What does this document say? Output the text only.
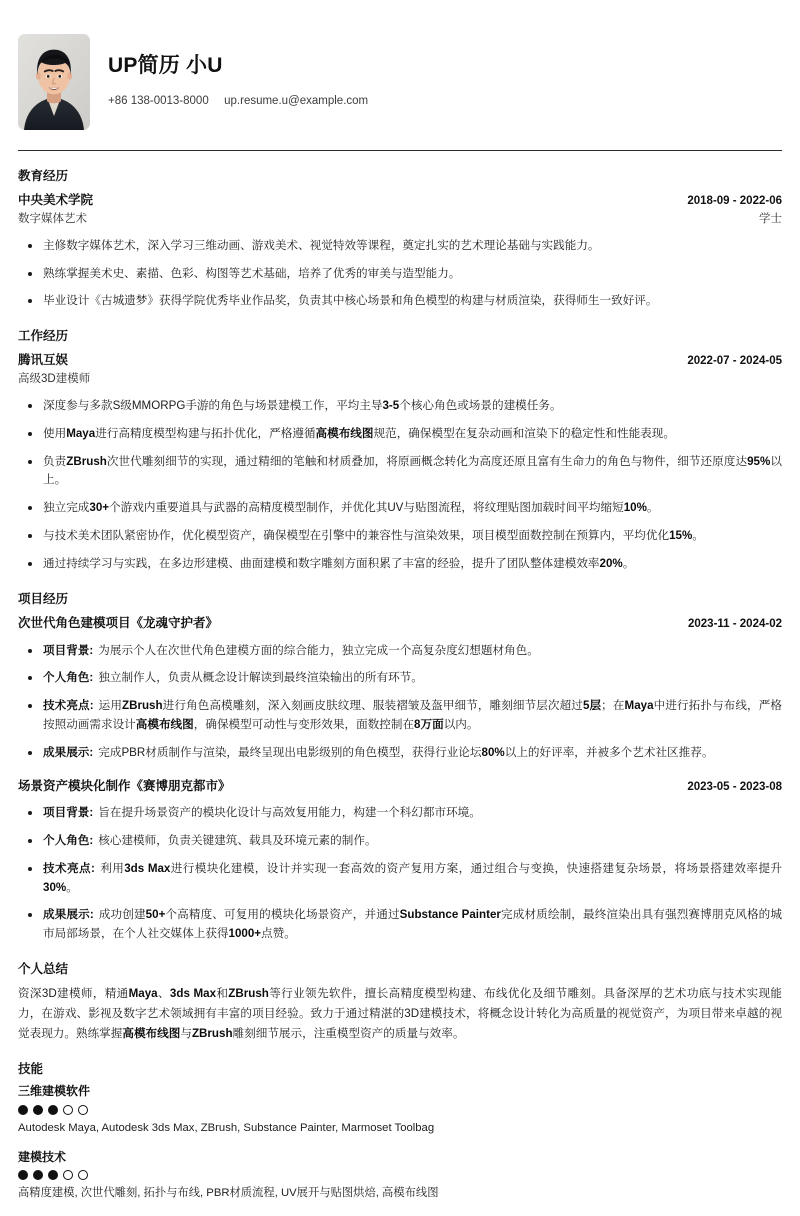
UP简历 小U
+86 138-0013-8000 up.resume.u@example.com
教育经历
中央美术学院	2018-09 - 2022-06
数字媒体艺术	学士
主修数字媒体艺术，深入学习三维动画、游戏美术、视觉特效等课程，奠定扎实的艺术理论基础与实践能力。
熟练掌握美术史、素描、色彩、构图等艺术基础，培养了优秀的审美与造型能力。
毕业设计《古城遗梦》获得学院优秀毕业作品奖，负责其中核心场景和角色模型的构建与材质渲染，获得师生一致好评。
工作经历
腾讯互娱	2022-07 - 2024-05
高级3D建模师
深度参与多款S级MMORPG手游的角色与场景建模工作，平均主导3-5个核心角色或场景的建模任务。
使用Maya进行高精度模型构建与拓扑优化，严格遵循高模布线图规范，确保模型在复杂动画和渲染下的稳定性和性能表现。
负责ZBrush次世代雕刻细节的实现，通过精细的笔触和材质叠加，将原画概念转化为高度还原且富有生命力的角色与物件，细节还原度达95%以上。
独立完成30+个游戏内重要道具与武器的高精度模型制作，并优化其UV与贴图流程，将纹理贴图加载时间平均缩短10%。
与技术美术团队紧密协作，优化模型资产，确保模型在引擎中的兼容性与渲染效果，项目模型面数控制在预算内，平均优化15%。
通过持续学习与实践，在多边形建模、曲面建模和数字雕刻方面积累了丰富的经验，提升了团队整体建模效率20%。
项目经历
次世代角色建模项目《龙魂守护者》	2023-11 - 2024-02
项目背景: 为展示个人在次世代角色建模方面的综合能力，独立完成一个高复杂度幻想题材角色。
个人角色: 独立制作人，负责从概念设计解读到最终渲染输出的所有环节。
技术亮点: 运用ZBrush进行角色高模雕刻，深入刻画皮肤纹理、服装褶皱及盔甲细节，雕刻细节层次超过5层；在Maya中进行拓扑与布线，严格按照动画需求设计高模布线图，确保模型可动性与变形效果，面数控制在8万面以内。
成果展示: 完成PBR材质制作与渲染，最终呈现出电影级别的角色模型，获得行业论坛80%以上的好评率，并被多个艺术社区推荐。
场景资产模块化制作《赛博朋克都市》	2023-05 - 2023-08
项目背景: 旨在提升场景资产的模块化设计与高效复用能力，构建一个科幻都市环境。
个人角色: 核心建模师，负责关键建筑、载具及环境元素的制作。
技术亮点: 利用3ds Max进行模块化建模，设计并实现一套高效的资产复用方案，通过组合与变换，快速搭建复杂场景，将场景搭建效率提升30%。
成果展示: 成功创建50+个高精度、可复用的模块化场景资产，并通过Substance Painter完成材质绘制，最终渲染出具有强烈赛博朋克风格的城市局部场景，在个人社交媒体上获得1000+点赞。
个人总结

资深3D建模师，精通Maya、3ds Max和ZBrush等行业领先软件，擅长高精度模型构建、布线优化及细节雕刻。具备深厚的艺术功底与技术实现能力，在游戏、影视及数字艺术领域拥有丰富的项目经验。致力于通过精湛的3D建模技术，将概念设计转化为高质量的视觉资产，为项目带来卓越的视觉表现力。熟练掌握高模布线图与ZBrush雕刻细节展示，注重模型资产的质量与效率。

技能
三维建模软件

Autodesk Maya, Autodesk 3ds Max, ZBrush, Substance Painter, Marmoset Toolbag

建模技术

高精度建模, 次世代雕刻, 拓扑与布线, PBR材质流程, UV展开与贴图烘焙, 高模布线图
